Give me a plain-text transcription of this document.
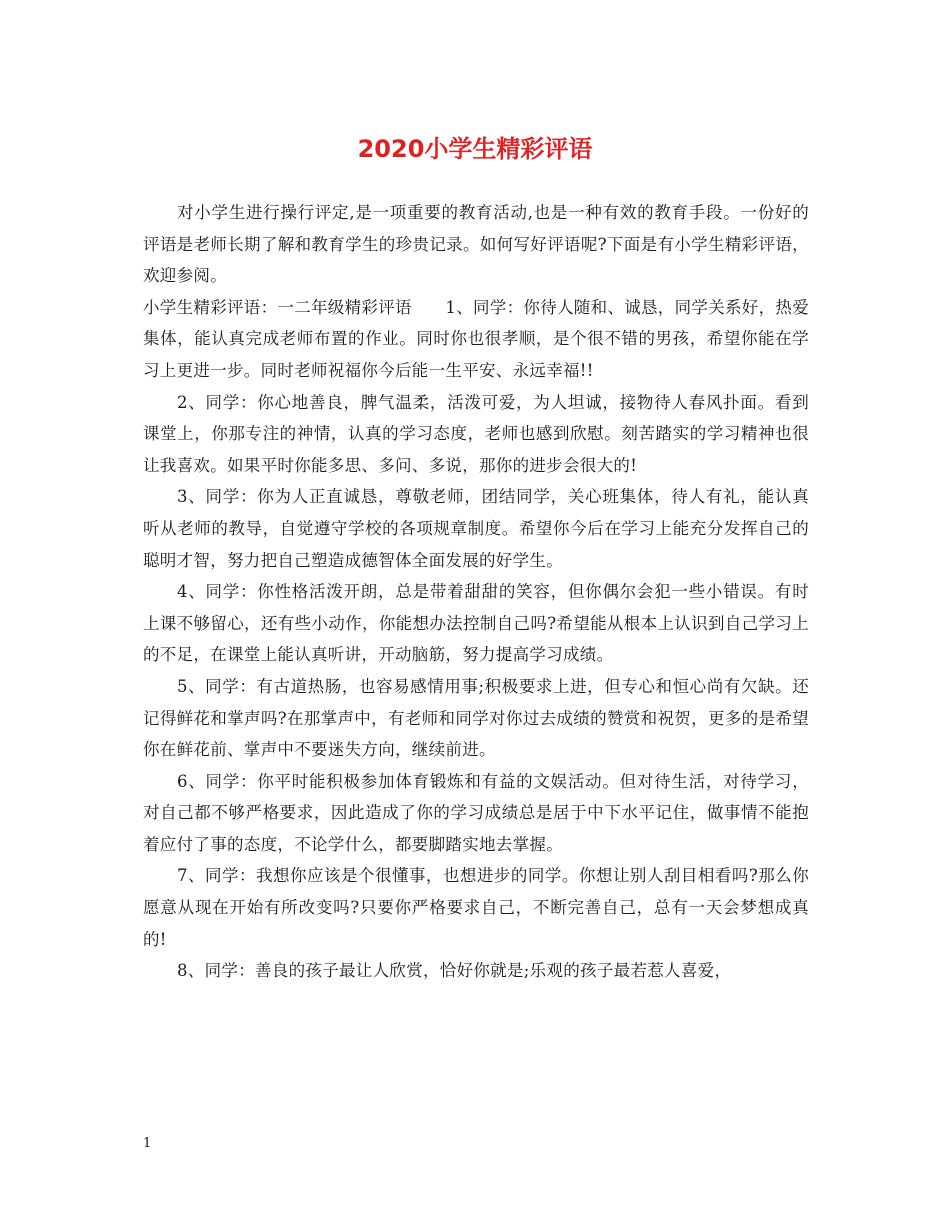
2020小学生精彩评语

对小学生进行操行评定,是一项重要的教育活动,也是一种有效的教育手段。一份好的评语是老师长期了解和教育学生的珍贵记录。如何写好评语呢?下面是有小学生精彩评语，欢迎参阅。

小学生精彩评语：一二年级精彩评语　　1、同学：你待人随和、诚恳，同学关系好，热爱集体，能认真完成老师布置的作业。同时你也很孝顺，是个很不错的男孩，希望你能在学习上更进一步。同时老师祝福你今后能一生平安、永远幸福!!

2、同学：你心地善良，脾气温柔，活泼可爱，为人坦诚，接物待人春风扑面。看到课堂上，你那专注的神情，认真的学习态度，老师也感到欣慰。刻苦踏实的学习精神也很让我喜欢。如果平时你能多思、多问、多说，那你的进步会很大的!

3、同学：你为人正直诚恳，尊敬老师，团结同学，关心班集体，待人有礼，能认真听从老师的教导，自觉遵守学校的各项规章制度。希望你今后在学习上能充分发挥自己的聪明才智，努力把自己塑造成德智体全面发展的好学生。

4、同学：你性格活泼开朗，总是带着甜甜的笑容，但你偶尔会犯一些小错误。有时上课不够留心，还有些小动作，你能想办法控制自己吗?希望能从根本上认识到自己学习上的不足，在课堂上能认真听讲，开动脑筋，努力提高学习成绩。

5、同学：有古道热肠，也容易感情用事;积极要求上进，但专心和恒心尚有欠缺。还记得鲜花和掌声吗?在那掌声中，有老师和同学对你过去成绩的赞赏和祝贺，更多的是希望你在鲜花前、掌声中不要迷失方向，继续前进。

6、同学：你平时能积极参加体育锻炼和有益的文娱活动。但对待生活，对待学习，对自己都不够严格要求，因此造成了你的学习成绩总是居于中下水平记住，做事情不能抱着应付了事的态度，不论学什么，都要脚踏实地去掌握。

7、同学：我想你应该是个很懂事，也想进步的同学。你想让别人刮目相看吗?那么你愿意从现在开始有所改变吗?只要你严格要求自己，不断完善自己，总有一天会梦想成真的!

8、同学：善良的孩子最让人欣赏，恰好你就是;乐观的孩子最若惹人喜爱，

1
